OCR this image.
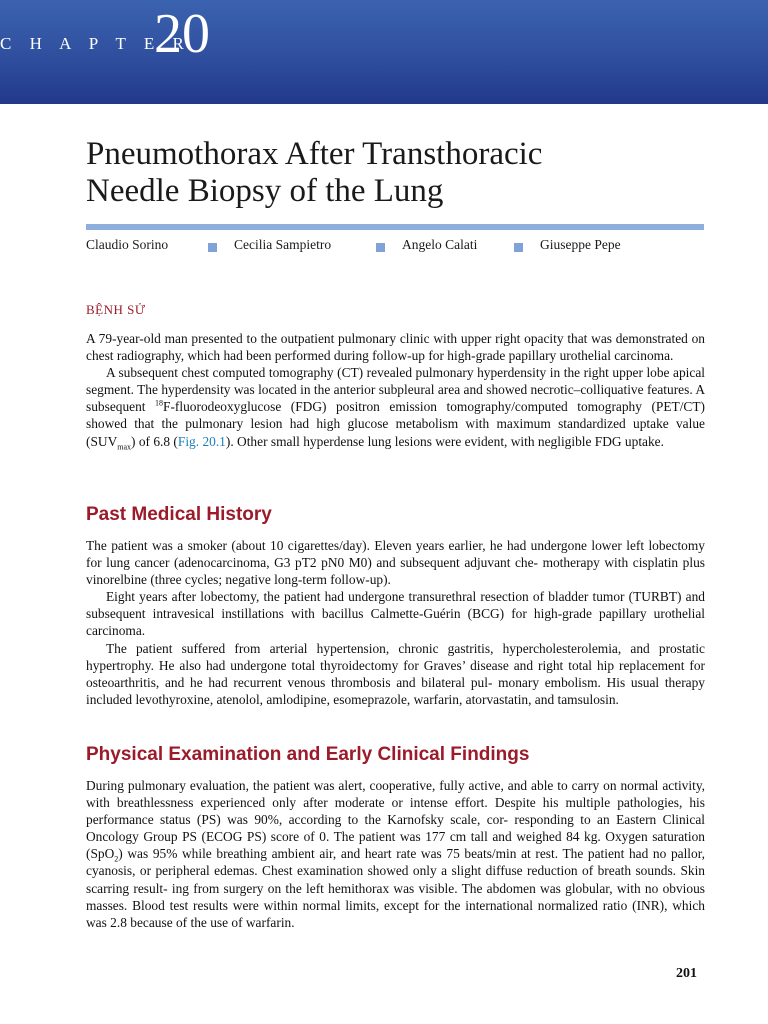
C H A P T E R
20
Pneumothorax After Transthoracic
Needle Biopsy of the Lung
Claudio Sorino	Cecilia Sampietro	Angelo Calati	Giuseppe Pepe
BỆNH SỬ

A 79-year-old man presented to the outpatient pulmonary clinic with upper right opacity that was demonstrated on chest radiography, which had been performed during follow-up for high-grade papillary urothelial carcinoma.

A subsequent chest computed tomography (CT) revealed pulmonary hyperdensity in the right upper lobe apical segment. The hyperdensity was located in the anterior subpleural area and showed necrotic–colliquative features. A subsequent $^{18}$F-fluorodeoxyglucose (FDG) positron emission tomography/computed tomography (PET/CT) showed that the pulmonary lesion had high glucose metabolism with maximum standardized uptake value $(SUV_{max})$ of 6.8 (Fig. 20.1). Other small hyperdense lung lesions were evident, with negligible FDG uptake.

Past Medical History

The patient was a smoker (about 10 cigarettes/day). Eleven years earlier, he had undergone lower left lobectomy for lung cancer (adenocarcinoma, G3 pT2 pN0 M0) and subsequent adjuvant che- motherapy with cisplatin plus vinorelbine (three cycles; negative long-term follow-up).

Eight years after lobectomy, the patient had undergone transurethral resection of bladder tumor (TURBT) and subsequent intravesical instillations with bacillus Calmette-Guérin (BCG) for high-grade papillary urothelial carcinoma.

The patient suffered from arterial hypertension, chronic gastritis, hypercholesterolemia, and prostatic hypertrophy. He also had undergone total thyroidectomy for Graves’ disease and right total hip replacement for osteoarthritis, and he had recurrent venous thrombosis and bilateral pul- monary embolism. His usual therapy included levothyroxine, atenolol, amlodipine, esomeprazole, warfarin, atorvastatin, and tamsulosin.

Physical Examination and Early Clinical Findings

During pulmonary evaluation, the patient was alert, cooperative, fully active, and able to carry on normal activity, with breathlessness experienced only after moderate or intense effort. Despite his multiple pathologies, his performance status (PS) was 90%, according to the Karnofsky scale, cor- responding to an Eastern Clinical Oncology Group PS (ECOG PS) score of 0. The patient was 177 cm tall and weighed 84 kg. Oxygen saturation (SpO$_2$) was 95% while breathing ambient air, and heart rate was 75 beats/min at rest. The patient had no pallor, cyanosis, or peripheral edemas. Chest examination showed only a slight diffuse reduction of breath sounds. Skin scarring result- ing from surgery on the left hemithorax was visible. The abdomen was globular, with no obvious masses. Blood test results were within normal limits, except for the international normalized ratio (INR), which was 2.8 because of the use of warfarin.

201
